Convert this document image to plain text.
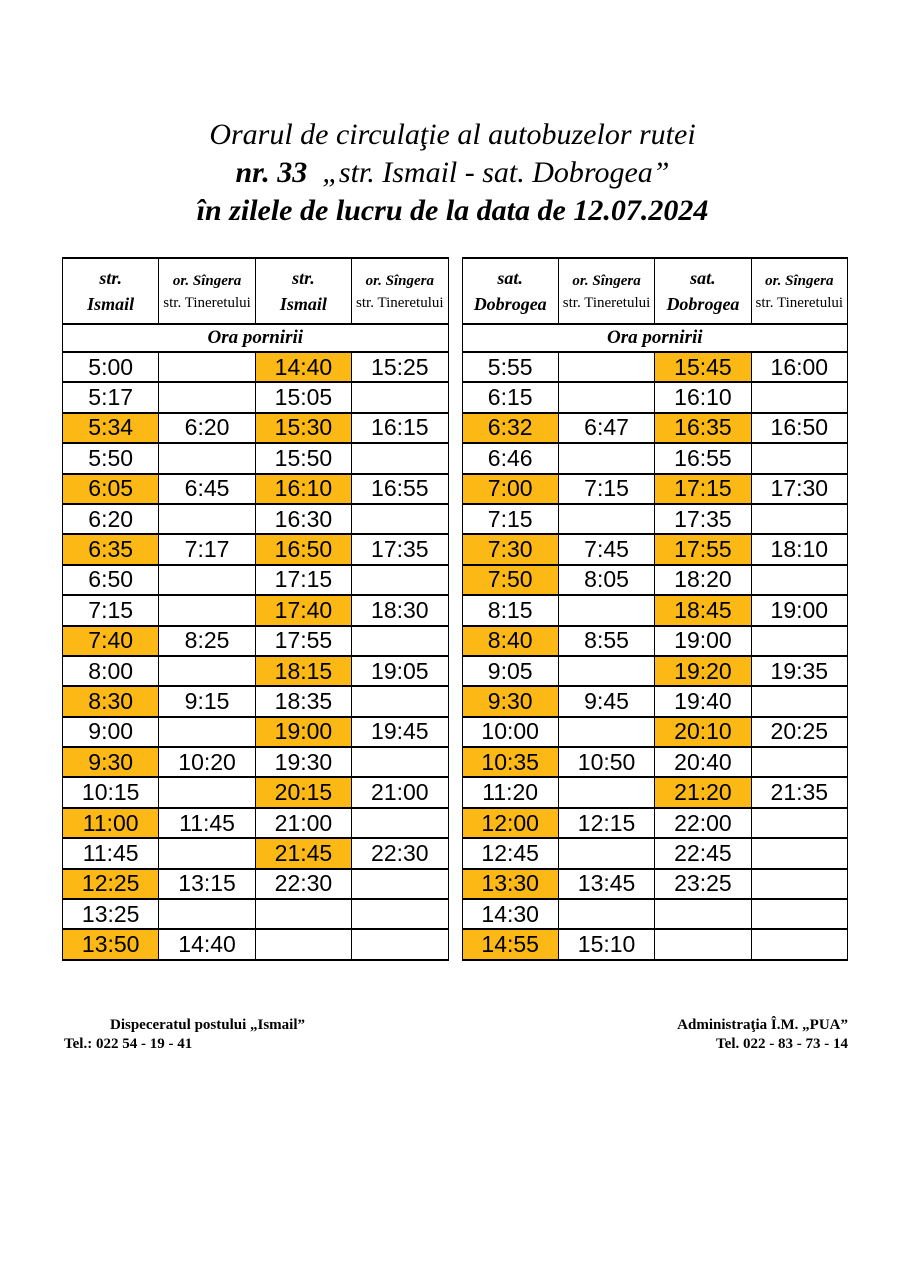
Orarul de circulaţie al autobuzelor rutei
nr. 33 „str. Ismail - sat. Dobrogea”
în zilele de lucru de la data de 12.07.2024
str.
Ismail	or. Sîngera
str. Tineretului	str.
Ismail	or. Sîngera
str. Tineretului

Ora pornirii			
5:00		14:40	15:25
5:17		15:05	
5:34	6:20	15:30	16:15
5:50		15:50	
6:05	6:45	16:10	16:55
6:20		16:30	
6:35	7:17	16:50	17:35
6:50		17:15	
7:15		17:40	18:30
7:40	8:25	17:55	
8:00		18:15	19:05
8:30	9:15	18:35	
9:00		19:00	19:45
9:30	10:20	19:30	
10:15		20:15	21:00
11:00	11:45	21:00	
11:45		21:45	22:30
12:25	13:15	22:30	
13:25			
13:50	14:40		
sat.
Dobrogea	or. Sîngera
str. Tineretului	sat.
Dobrogea	or. Sîngera
str. Tineretului

Ora pornirii			
5:55		15:45	16:00
6:15		16:10	
6:32	6:47	16:35	16:50
6:46		16:55	
7:00	7:15	17:15	17:30
7:15		17:35	
7:30	7:45	17:55	18:10
7:50	8:05	18:20	
8:15		18:45	19:00
8:40	8:55	19:00	
9:05		19:20	19:35
9:30	9:45	19:40	
10:00		20:10	20:25
10:35	10:50	20:40	
11:20		21:20	21:35
12:00	12:15	22:00	
12:45		22:45	
13:30	13:45	23:25	
14:30			
14:55	15:10		
Dispeceratul postului „Ismail”
Tel.: 022 54 - 19 - 41
Administraţia Î.M. „PUA”
Tel. 022 - 83 - 73 - 14
